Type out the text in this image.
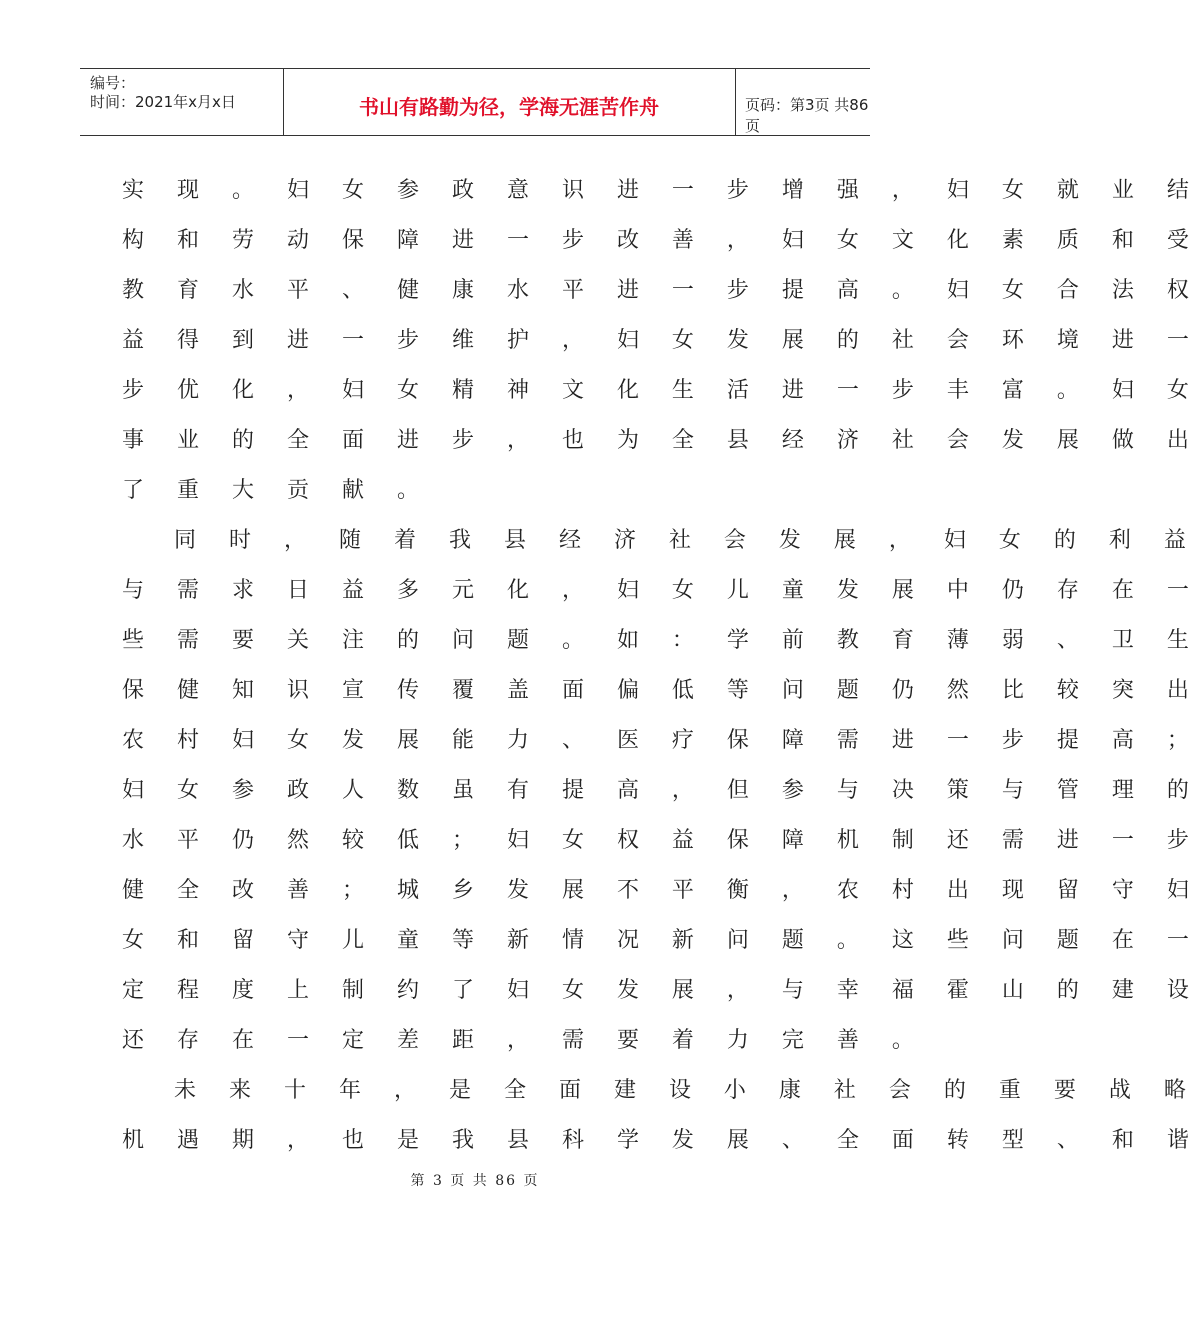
编号：
时间：2021年x月x日	书山有路勤为径，学海无涯苦作舟	页码：第3页 共86页
实 现 。 妇 女 参 政 意 识 进 一 步 增 强 ， 妇 女 就 业 结
构 和 劳 动 保 障 进 一 步 改 善 ， 妇 女 文 化 素 质 和 受
教 育 水 平 、 健 康 水 平 进 一 步 提 高 。 妇 女 合 法 权
益 得 到 进 一 步 维 护 ， 妇 女 发 展 的 社 会 环 境 进 一
步 优 化 ， 妇 女 精 神 文 化 生 活 进 一 步 丰 富 。 妇 女
事 业 的 全 面 进 步 ， 也 为 全 县 经 济 社 会 发 展 做 出
了 重 大 贡 献 。
同 时 ， 随 着 我 县 经 济 社 会 发 展 ， 妇 女 的 利 益
与 需 求 日 益 多 元 化 ， 妇 女 儿 童 发 展 中 仍 存 在 一
些 需 要 关 注 的 问 题 。 如 ： 学 前 教 育 薄 弱 、 卫 生
保 健 知 识 宣 传 覆 盖 面 偏 低 等 问 题 仍 然 比 较 突 出
农 村 妇 女 发 展 能 力 、 医 疗 保 障 需 进 一 步 提 高 ；
妇 女 参 政 人 数 虽 有 提 高 ， 但 参 与 决 策 与 管 理 的
水 平 仍 然 较 低 ； 妇 女 权 益 保 障 机 制 还 需 进 一 步
健 全 改 善 ； 城 乡 发 展 不 平 衡 ， 农 村 出 现 留 守 妇
女 和 留 守 儿 童 等 新 情 况 新 问 题 。 这 些 问 题 在 一
定 程 度 上 制 约 了 妇 女 发 展 ， 与 幸 福 霍 山 的 建 设
还 存 在 一 定 差 距 ， 需 要 着 力 完 善 。
未 来 十 年 ， 是 全 面 建 设 小 康 社 会 的 重 要 战 略
机 遇 期 ， 也 是 我 县 科 学 发 展 、 全 面 转 型 、 和 谐
第 3 页 共 86 页
